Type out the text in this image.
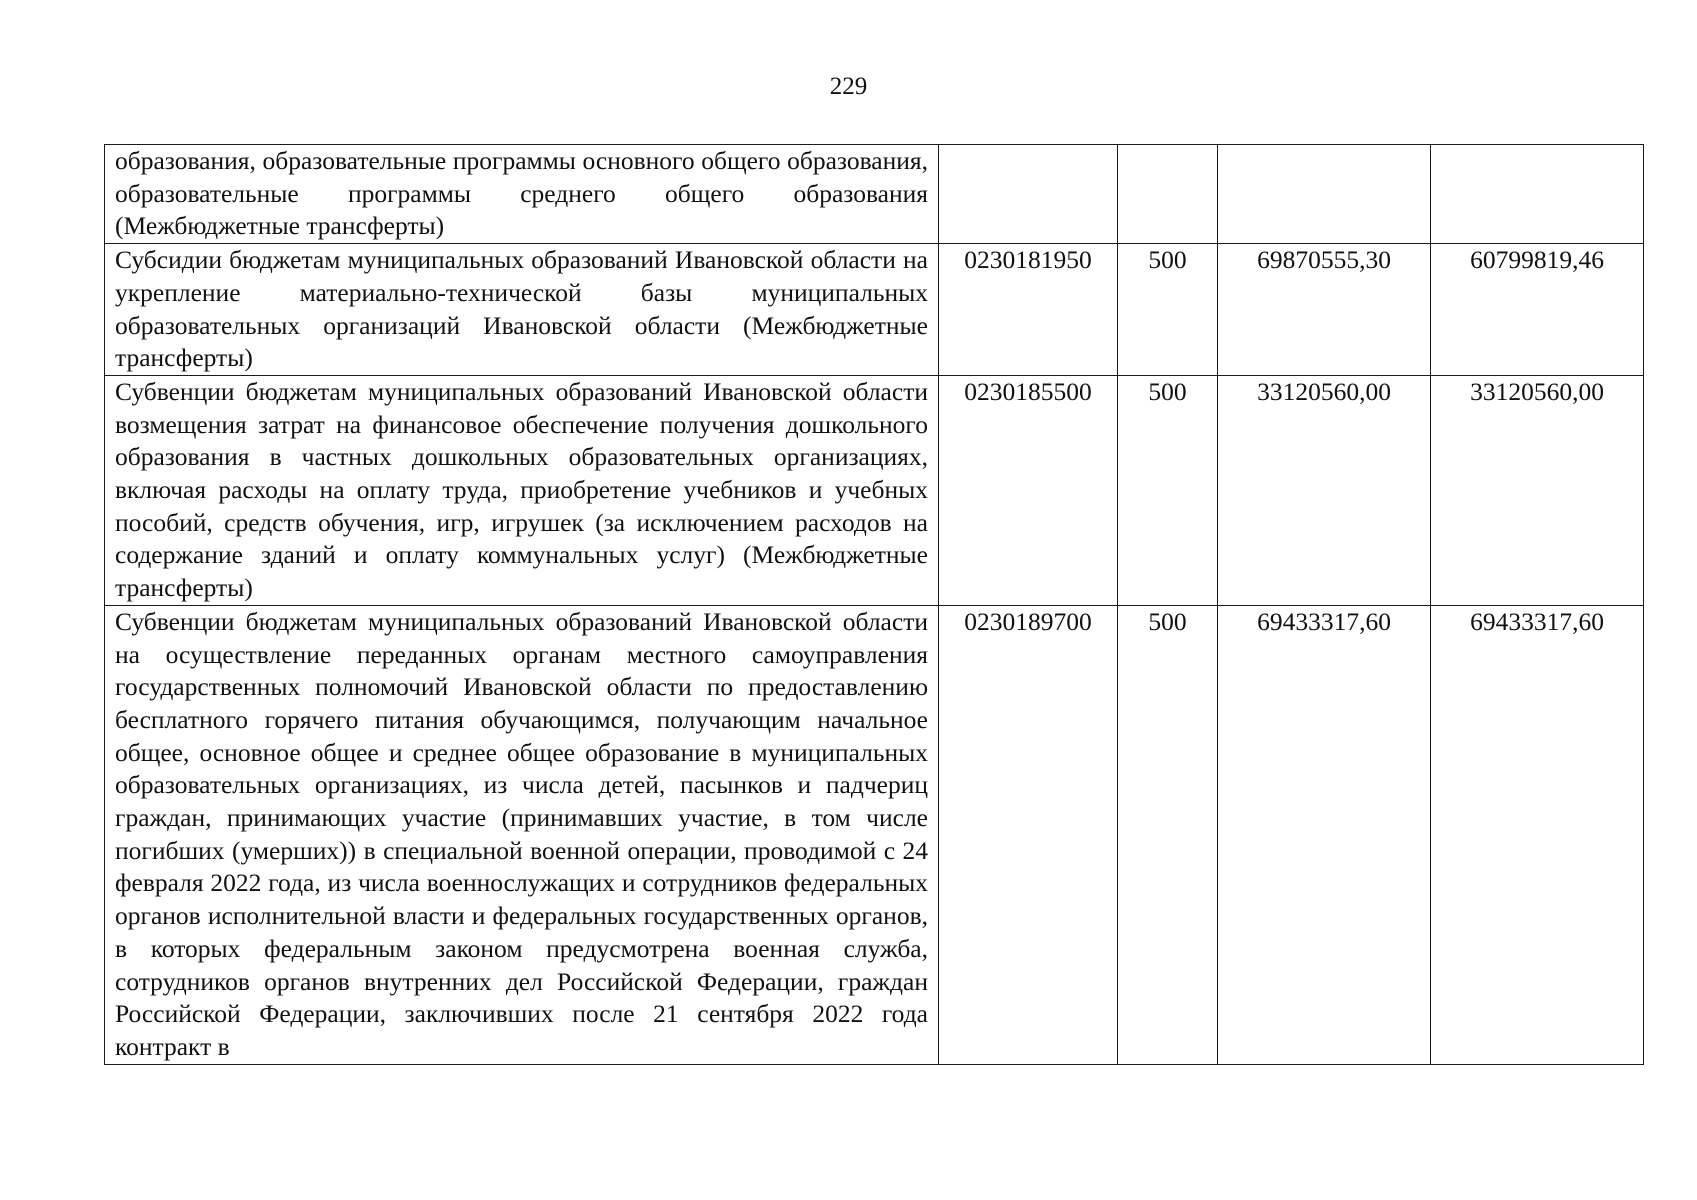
229
образования, образовательные программы основного общего образования, образовательные программы среднего общего образования (Межбюджетные трансферты)				
Субсидии бюджетам муниципальных образований Ивановской области на укрепление материально-технической базы муниципальных образовательных организаций Ивановской области (Межбюджетные трансферты)	0230181950	500	69870555,30	60799819,46
Субвенции бюджетам муниципальных образований Ивановской области возмещения затрат на финансовое обеспечение получения дошкольного образования в частных дошкольных образовательных организациях, включая расходы на оплату труда, приобретение учебников и учебных пособий, средств обучения, игр, игрушек (за исключением расходов на содержание зданий и оплату коммунальных услуг) (Межбюджетные трансферты)	0230185500	500	33120560,00	33120560,00
Субвенции бюджетам муниципальных образований Ивановской области на осуществление переданных органам местного самоуправления государственных полномочий Ивановской области по предоставлению бесплатного горячего питания обучающимся, получающим начальное общее, основное общее и среднее общее образование в муниципальных образовательных организациях, из числа детей, пасынков и падчериц граждан, принимающих участие (принимавших участие, в том числе погибших (умерших)) в специальной военной операции, проводимой с 24 февраля 2022 года, из числа военнослужащих и сотрудников федеральных органов исполнительной власти и федеральных государственных органов, в которых федеральным законом предусмотрена военная служба, сотрудников органов внутренних дел Российской Федерации, граждан Российской Федерации, заключивших после 21 сентября 2022 года контракт в	0230189700	500	69433317,60	69433317,60
